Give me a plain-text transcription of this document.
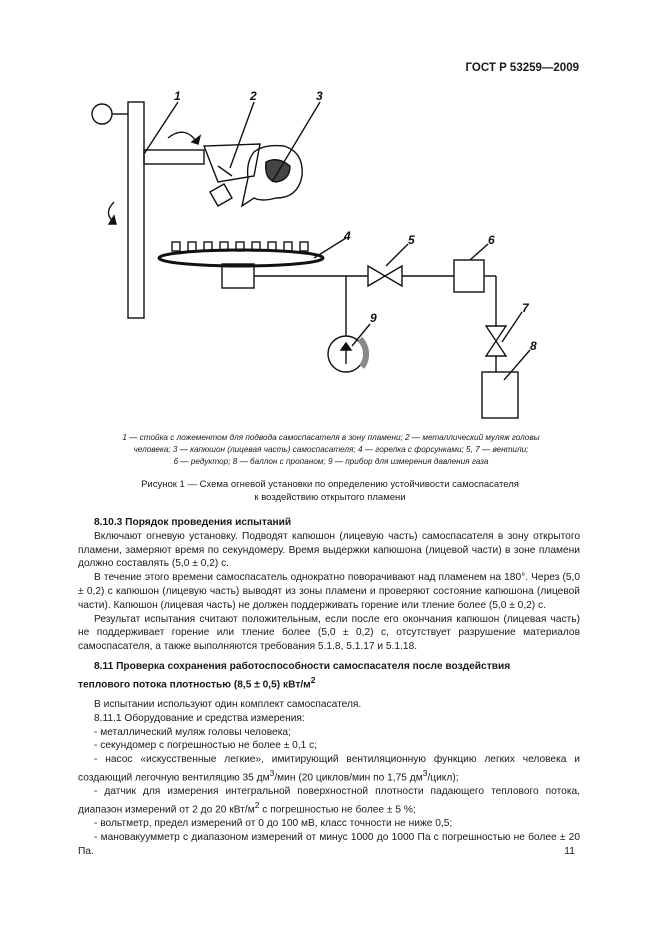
ГОСТ Р 53259—2009
1	2	3
4	5	6
7
8
9
1 — стойка с ложементом для подвода самоспасателя в зону пламени; 2 — металлический муляж головы
человека; 3 — капюшон (лицевая часть) самоспасателя; 4 — горелка с форсунками; 5, 7 — вентили;
6 — редуктор; 8 — баллон с пропаном; 9 — прибор для измерения давления газа
Рисунок 1 — Схема огневой установки по определению устойчивости самоспасателя
к воздействию открытого пламени

8.10.3 Порядок проведения испытаний

Включают огневую установку. Подводят капюшон (лицевую часть) самоспасателя в зону открытого пламени, замеряют время по секундомеру. Время выдержки капюшона (лицевой части) в зоне пламени должно составлять (5,0 ± 0,2) с.

В течение этого времени самоспасатель однократно поворачивают над пламенем на 180°. Через (5,0 ± 0,2) с капюшон (лицевую часть) выводят из зоны пламени и проверяют состояние капюшона (лицевой части). Капюшон (лицевая часть) не должен поддерживать горение или тление более (5,0 ± 0,2) с.

Результат испытания считают положительным, если после его окончания капюшон (лицевая часть) не поддерживает горение или тление более (5,0 ± 0,2) с, отсутствует разрушение материалов самоспасателя, а также выполняются требования 5.1.8, 5.1.17 и 5.1.18.

8.11 Проверка сохранения работоспособности самоспасателя после воздействия
теплового потока плотностью (8,5 ± 0,5) кВт/$м^2$

В испытании используют один комплект самоспасателя.

8.11.1 Оборудование и средства измерения:

- металлический муляж головы человека;

- секундомер с погрешностью не более ± 0,1 с;

- насос «искусственные легкие», имитирующий вентиляционную функцию легких человека и создающий легочную вентиляцию 35 $дм^3$/мин (20 циклов/мин по 1,75 $дм^3/цикл$);

- датчик для измерения интегральной поверхностной плотности падающего теплового потока, диапазон измерений от 2 до 20 кВт/$м^2$ с погрешностью не более ± 5 %;

- вольтметр, предел измерений от 0 до 100 мВ, класс точности не ниже 0,5;

- мановакуумметр с диапазоном измерений от минус 1000 до 1000 Па с погрешностью не более ± 20 Па.	11
